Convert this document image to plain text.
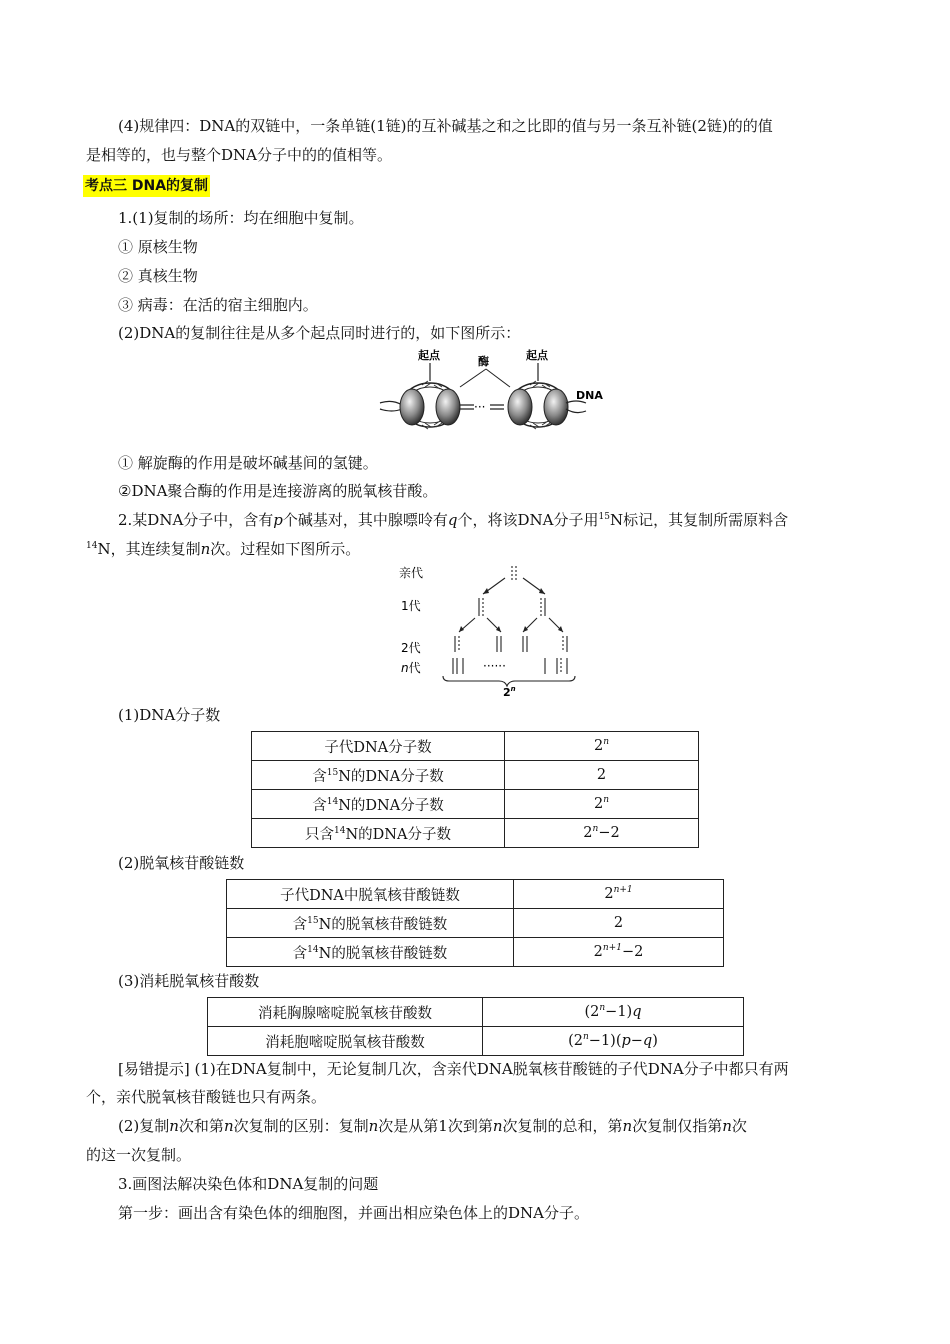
(4)规律四：DNA的双链中，一条单链(1链)的互补碱基之和之比即的值与另一条互补链(2链)的的值
是相等的，也与整个DNA分子中的的值相等。
考点三 DNA的复制
1.(1)复制的场所：均在细胞中复制。
① 原核生物
② 真核生物
③ 病毒：在活的宿主细胞内。
(2)DNA的复制往往是从多个起点同时进行的，如下图所示：
起点	酶	起点
DNA
···
① 解旋酶的作用是破坏碱基间的氢键。
②DNA聚合酶的作用是连接游离的脱氧核苷酸。
2.某DNA分子中，含有p个碱基对，其中腺嘌呤有q个，将该DNA分子用$^{15}$N标记，其复制所需原料含
$^{14}$N，其连续复制n次。过程如下图所示。
亲代
1代
2代
n代	······
$2^n$
(1)DNA分子数
子代DNA分子数	2$^n$
含$^{15}$N的DNA分子数	2
含$^{14}$N的DNA分子数	2$^n$
只含$^{14}$N的DNA分子数	$2^n-2$
(2)脱氧核苷酸链数
子代DNA中脱氧核苷酸链数	$2^{n+1}$
含$^{15}$N的脱氧核苷酸链数	2
含$^{14}$N的脱氧核苷酸链数	$2^{n+1}-2$
(3)消耗脱氧核苷酸数
消耗胸腺嘧啶脱氧核苷酸数	$(2^n-1)q$
消耗胞嘧啶脱氧核苷酸数	$(2^n-1)(p-q)$
[易错提示] (1)在DNA复制中，无论复制几次，含亲代DNA脱氧核苷酸链的子代DNA分子中都只有两
个，亲代脱氧核苷酸链也只有两条。
(2)复制n次和第n次复制的区别：复制n次是从第1次到第n次复制的总和，第n次复制仅指第n次
的这一次复制。
3.画图法解决染色体和DNA复制的问题
第一步：画出含有染色体的细胞图，并画出相应染色体上的DNA分子。
